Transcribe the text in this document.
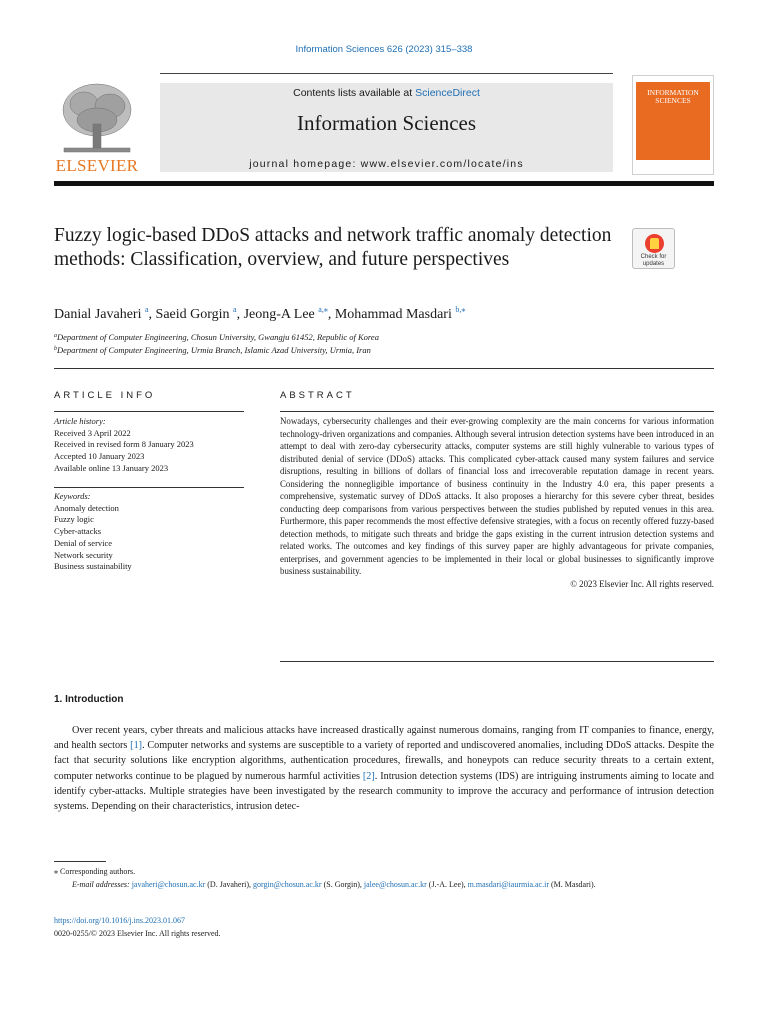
Information Sciences 626 (2023) 315–338
ELSEVIER
Contents lists available at ScienceDirect
Information Sciences
journal homepage: www.elsevier.com/locate/ins
INFORMATION SCIENCES
Fuzzy logic-based DDoS attacks and network traffic anomaly detection methods: Classification, overview, and future perspectives	Check for
updates
Danial Javaheri $^a$, Saeid Gorgin $^a$, Jeong-A Lee $^{a,⁎}$, Mohammad Masdari $^{b,⁎}$
$^a$Department of Computer Engineering, Chosun University, Gwangju 61452, Republic of Korea
$^b$Department of Computer Engineering, Urmia Branch, Islamic Azad University, Urmia, Iran
ARTICLE INFO
Article history:
Received 3 April 2022
Received in revised form 8 January 2023
Accepted 10 January 2023
Available online 13 January 2023
Keywords:
Anomaly detection
Fuzzy logic
Cyber-attacks
Denial of service
Network security
Business sustainability
ABSTRACT
Nowadays, cybersecurity challenges and their ever-growing complexity are the main concerns for various information technology-driven organizations and companies. Although several intrusion detection systems have been introduced in an attempt to deal with zero-day cybersecurity attacks, computer systems are still highly vulnerable to various types of distributed denial of service (DDoS) attacks. This complicated cyber-attack caused many system failures and service disruptions, resulting in billions of dollars of financial loss and irrecoverable reputation damage in recent years. Considering the nonnegligible importance of business continuity in the Industry 4.0 era, this paper presents a comprehensive, systematic survey of DDoS attacks. It also proposes a hierarchy for this severe cyber threat, besides conducting deep comparisons from various perspectives between the studies published by reputed venues in this area. Furthermore, this paper recommends the most effective defensive strategies, with a focus on recently offered fuzzy-based detection methods, to mitigate such threats and bridge the gaps existing in the current intrusion detection systems and related works. The outcomes and key findings of this survey paper are highly advantageous for private companies, enterprises, and government agencies to be implemented in their local or global businesses to significantly improve business sustainability.
© 2023 Elsevier Inc. All rights reserved.
1. Introduction
Over recent years, cyber threats and malicious attacks have increased drastically against numerous domains, ranging from IT companies to finance, energy, and health sectors [1]. Computer networks and systems are susceptible to a variety of reported and undiscovered anomalies, including DDoS attacks. Despite the fact that security solutions like encryption algorithms, authentication procedures, firewalls, and honeypots can reduce security threats to a certain extent, computer networks continue to be plagued by numerous harmful activities [2]. Intrusion detection systems (IDS) are intriguing instruments aiming to locate and identify cyber-attacks. Multiple strategies have been investigated by the research community to improve the accuracy and performance of intrusion detection systems. Depending on their characteristics, intrusion detec-
⁎ Corresponding authors.
E-mail addresses: javaheri@chosun.ac.kr (D. Javaheri), gorgin@chosun.ac.kr (S. Gorgin), jalee@chosun.ac.kr (J.-A. Lee), m.masdari@iaurmia.ac.ir (M. Masdari).
https://doi.org/10.1016/j.ins.2023.01.067
0020-0255/© 2023 Elsevier Inc. All rights reserved.
